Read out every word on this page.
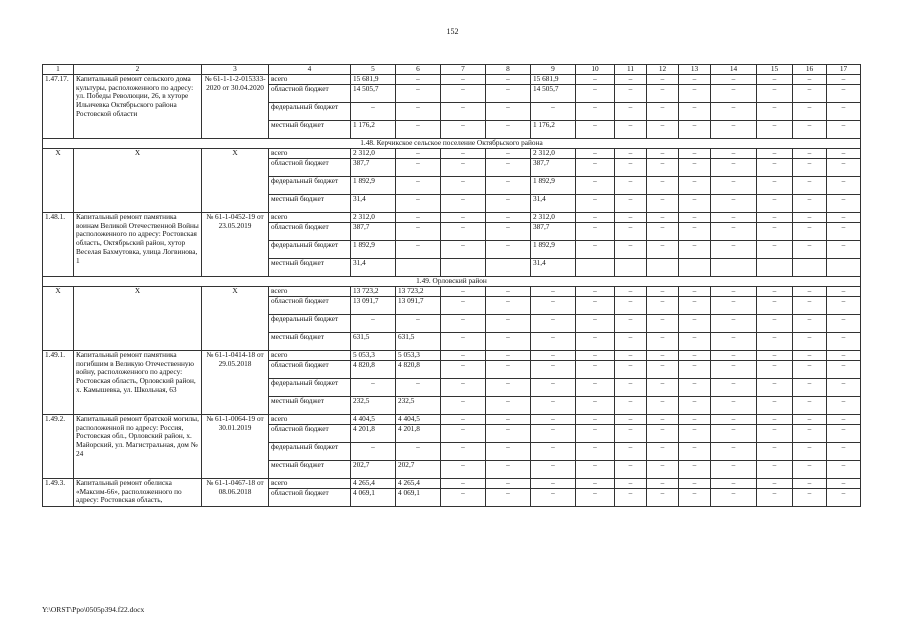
152
1	2	3	4	5	6	7	8	9	10	11	12	13	14	15	16	17
1.47.17.	Капитальный ремонт сельского дома культуры, расположенного по адресу: ул. Победы Революции, 26, в хуторе Ильичевка Октябрьского района Ростовской области	№ 61-1-1-2-015333-2020 от 30.04.2020	всего	15 681,9	–	–	–	15 681,9	–	–	–	–	–	–	–	–
			областной бюджет	14 505,7	–	–	–	14 505,7	–	–	–	–	–	–	–	–
			федеральный бюджет	–	–	–	–	–	–	–	–	–	–	–	–	–
			местный бюджет	1 176,2	–	–	–	1 176,2	–	–	–	–	–	–	–	–
1.48. Керчикское сельское поселение Октябрьского района																
Х	Х	Х	всего	2 312,0	–	–	–	2 312,0	–	–	–	–	–	–	–	–
			областной бюджет	387,7	–	–	–	387,7	–	–	–	–	–	–	–	–
			федеральный бюджет	1 892,9	–	–	–	1 892,9	–	–	–	–	–	–	–	–
			местный бюджет	31,4	–	–	–	31,4	–	–	–	–	–	–	–	–
1.48.1.	Капитальный ремонт памятника воинам Великой Отечественной Войны расположенного по адресу: Ростовская область, Октябрьский район, хутор Веселая Бахмутовка, улица Логвинова, 1	№ 61-1-0452-19 от 23.05.2019	всего	2 312,0	–	–	–	2 312,0	–	–	–	–	–	–	–	–
			областной бюджет	387,7	–	–	–	387,7	–	–	–	–	–	–	–	–
			федеральный бюджет	1 892,9	–	–	–	1 892,9	–	–	–	–	–	–	–	–
			местный бюджет	31,4				31,4								
1.49. Орловский район																
Х	Х	Х	всего	13 723,2	13 723,2	–	–	–	–	–	–	–	–	–	–	–
			областной бюджет	13 091,7	13 091,7	–	–	–	–	–	–	–	–	–	–	–
			федеральный бюджет	–	–	–	–	–	–	–	–	–	–	–	–	–
			местный бюджет	631,5	631,5	–	–	–	–	–	–	–	–	–	–	–
1.49.1.	Капитальный ремонт памятника погибшим в Великую Отечественную войну, расположенного по адресу: Ростовская область, Орловский район, х. Камышевка, ул. Школьная, 63	№ 61-1-0414-18 от 29.05.2018	всего	5 053,3	5 053,3	–	–	–	–	–	–	–	–	–	–	–
			областной бюджет	4 820,8	4 820,8	–	–	–	–	–	–	–	–	–	–	–
			федеральный бюджет	–	–	–	–	–	–	–	–	–	–	–	–	–
			местный бюджет	232,5	232,5	–	–	–	–	–	–	–	–	–	–	–
1.49.2.	Капитальный ремонт братской могилы, расположенной по адресу: Россия, Ростовская обл., Орловский район, х. Майорский, ул. Магистральная, дом № 24	№ 61-1-0064-19 от 30.01.2019	всего	4 404,5	4 404,5	–	–	–	–	–	–	–	–	–	–	–
			областной бюджет	4 201,8	4 201,8	–	–	–	–	–	–	–	–	–	–	–
			федеральный бюджет	–	–	–	–	–	–	–	–	–	–	–	–	–
			местный бюджет	202,7	202,7	–	–	–	–	–	–	–	–	–	–	–
1.49.3.	Капитальный ремонт обелиска «Максим-66», расположенного по адресу: Ростовская область,	№ 61-1-0467-18 от 08.06.2018	всего	4 265,4	4 265,4	–	–	–	–	–	–	–	–	–	–	–
			областной бюджет	4 069,1	4 069,1	–	–	–	–	–	–	–	–	–	–	–
Y:\ORST\Ppo\0505p394.f22.docx
